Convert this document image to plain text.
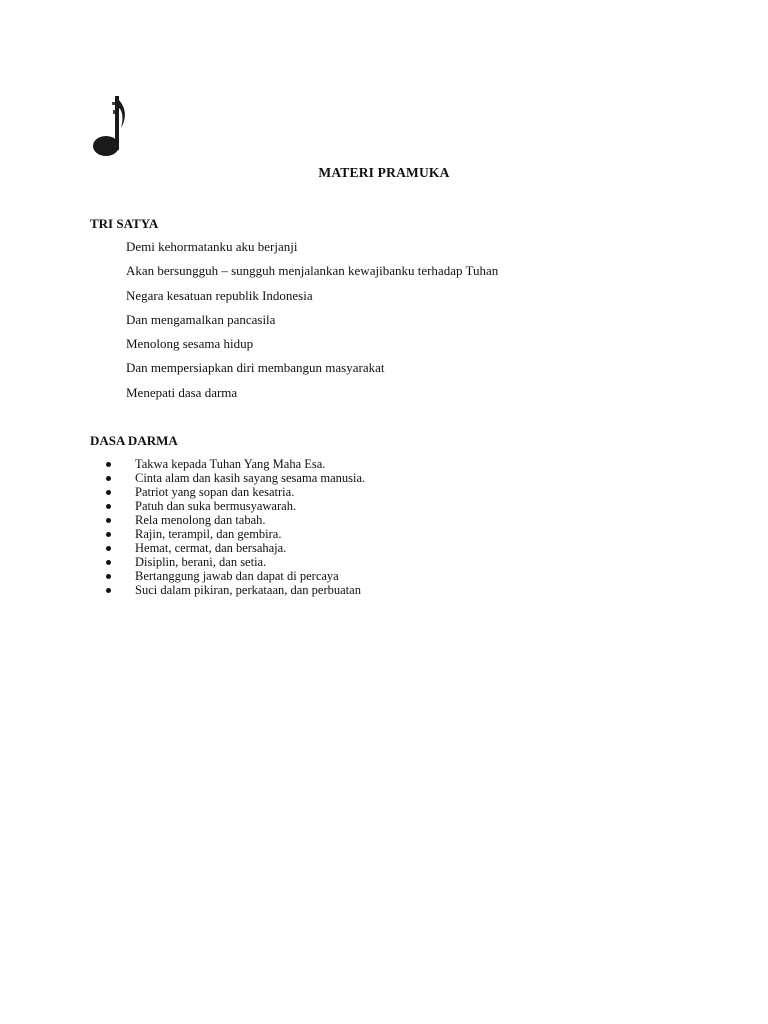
MATERI PRAMUKA
TRI SATYA
Demi kehormatanku aku berjanji
Akan bersungguh – sungguh menjalankan kewajibanku terhadap Tuhan
Negara kesatuan republik Indonesia
Dan mengamalkan pancasila
Menolong sesama hidup
Dan mempersiapkan diri membangun masyarakat
Menepati dasa darma
DASA DARMA
Takwa kepada Tuhan Yang Maha Esa.
Cinta alam dan kasih sayang sesama manusia.
Patriot yang sopan dan kesatria.
Patuh dan suka bermusyawarah.
Rela menolong dan tabah.
Rajin, terampil, dan gembira.
Hemat, cermat, dan bersahaja.
Disiplin, berani, dan setia.
Bertanggung jawab dan dapat di percaya
Suci dalam pikiran, perkataan, dan perbuatan
